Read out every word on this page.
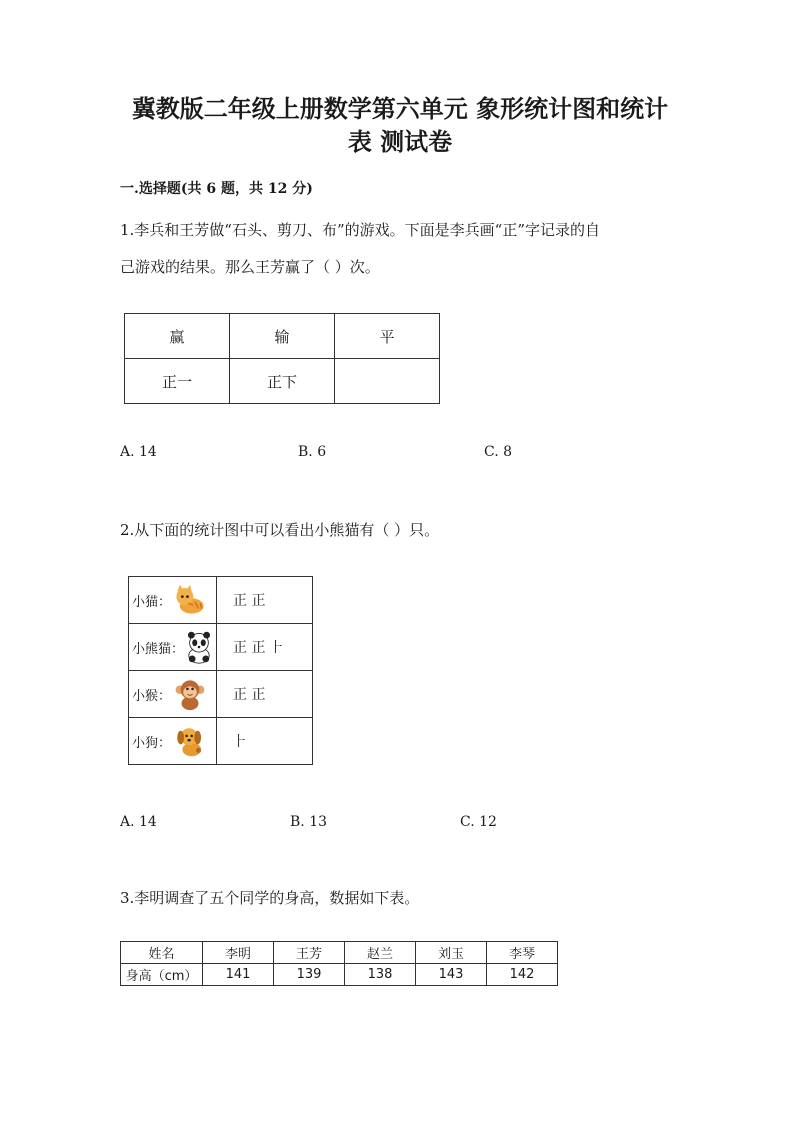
冀教版二年级上册数学第六单元 象形统计图和统计
表 测试卷
一.选择题(共 6 题，共 12 分)
1.李兵和王芳做“石头、剪刀、布”的游戏。下面是李兵画“正”字记录的自
己游戏的结果。那么王芳赢了（ ）次。
赢	输	平
正一	正下	
A. 14	B. 6	C. 8
2.从下面的统计图中可以看出小熊猫有（ ）只。
小猫：	正 正

小熊猫：	正 正 ⺊

小猴：	正 正

小狗：	⺊
A. 14	B. 13	C. 12
3.李明调查了五个同学的身高，数据如下表。
姓名	李明	王芳	赵兰	刘玉	李琴
身高（cm）	141	139	138	143	142
